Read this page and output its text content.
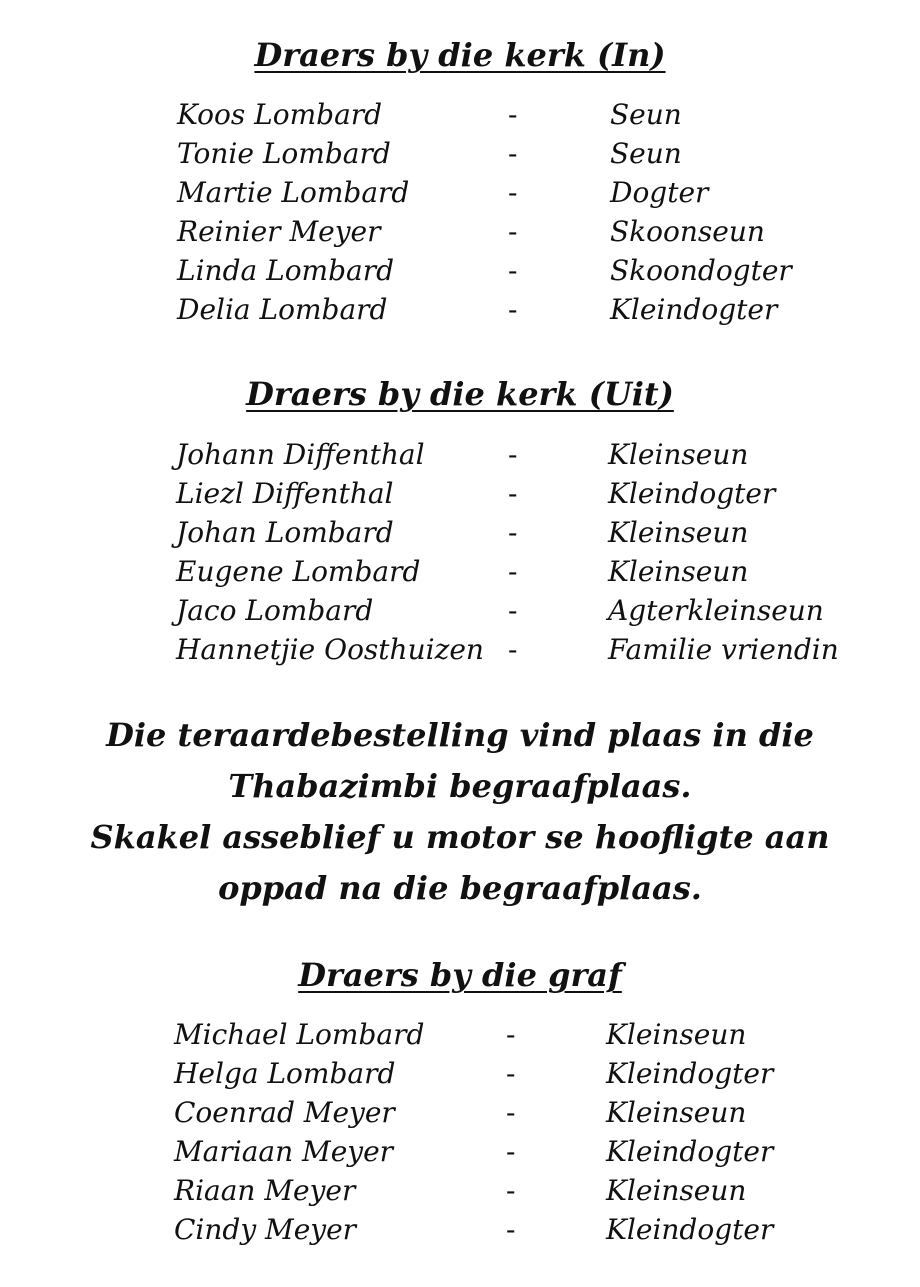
Draers by die kerk (In)
Koos Lombard	-	Seun
Tonie Lombard	-	Seun
Martie Lombard	-	Dogter
Reinier Meyer	-	Skoonseun
Linda Lombard	-	Skoondogter
Delia Lombard	-	Kleindogter
Draers by die kerk (Uit)
Johann Diffenthal	-	Kleinseun
Liezl Diffenthal	-	Kleindogter
Johan Lombard	-	Kleinseun
Eugene Lombard	-	Kleinseun
Jaco Lombard	-	Agterkleinseun
Hannetjie Oosthuizen -	Familie vriendin
Die teraardebestelling vind plaas in die
Thabazimbi begraafplaas.
Skakel asseblief u motor se hoofligte aan
oppad na die begraafplaas.
Draers by die graf
Michael Lombard	-	Kleinseun
Helga Lombard	-	Kleindogter
Coenrad Meyer	-	Kleinseun
Mariaan Meyer	-	Kleindogter
Riaan Meyer	-	Kleinseun
Cindy Meyer	-	Kleindogter
